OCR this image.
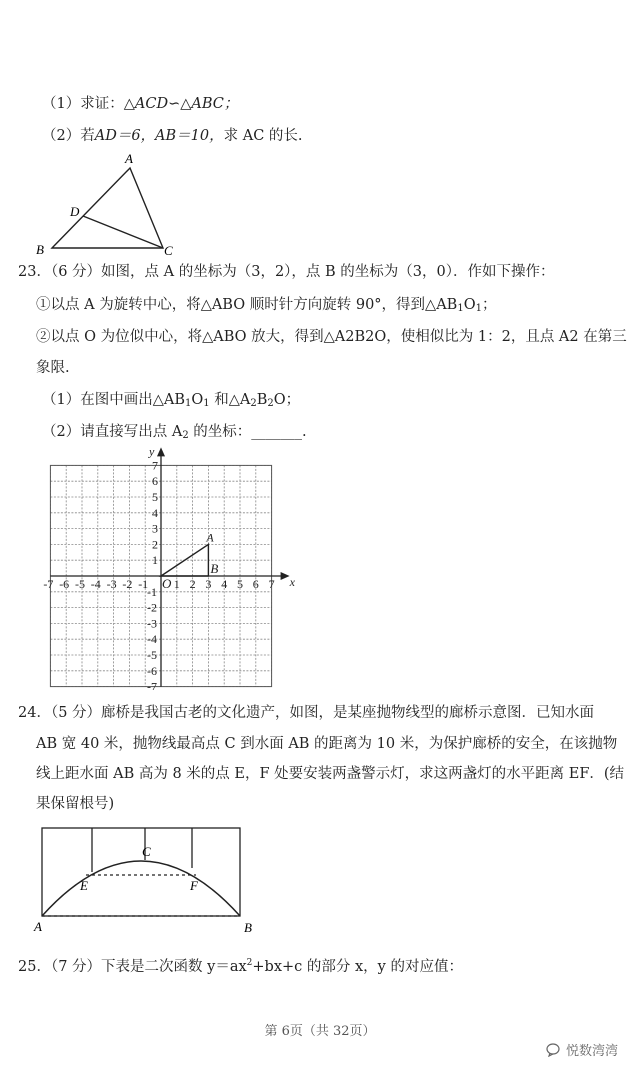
（1）求证：△ACD∽△ABC；
（2）若AD＝6，AB＝10，求 AC 的长.
A
D
B	C
23．（6 分）如图，点 A 的坐标为（3，2），点 B 的坐标为（3，0）．作如下操作：
①以点 A 为旋转中心，将△ABO 顺时针方向旋转 90°，得到$\triangle AB_1O_1$；
②以点 O 为位似中心，将△ABO 放大，得到△A2B2O，使相似比为 1：2，且点 A2 在第三
象限.
（1）在图中画出$\triangle AB_1O_1$ 和$\triangle A_2B_2O$；
（2）请直接写出点 $A_2$ 的坐标：_______.
x
y
O
-7 -6 -5 -4 -3 -2 -1 1 2 3 4 5 6 7
7
6
5
4
3
2
1
-1
-2
-3
-4
-5
-6
-7
A
B
24．（5 分）廊桥是我国古老的文化遗产，如图，是某座抛物线型的廊桥示意图．已知水面
AB 宽 40 米，抛物线最高点 C 到水面 AB 的距离为 10 米，为保护廊桥的安全，在该抛物
线上距水面 AB 高为 8 米的点 E，F 处要安装两盏警示灯，求这两盏灯的水平距离 EF．(结
果保留根号)
C
E	F
A	B
25．（7 分）下表是二次函数 $y=ax^2+bx+c$ 的部分 x，y 的对应值：
第 6页（共 32页）
悦数湾湾
